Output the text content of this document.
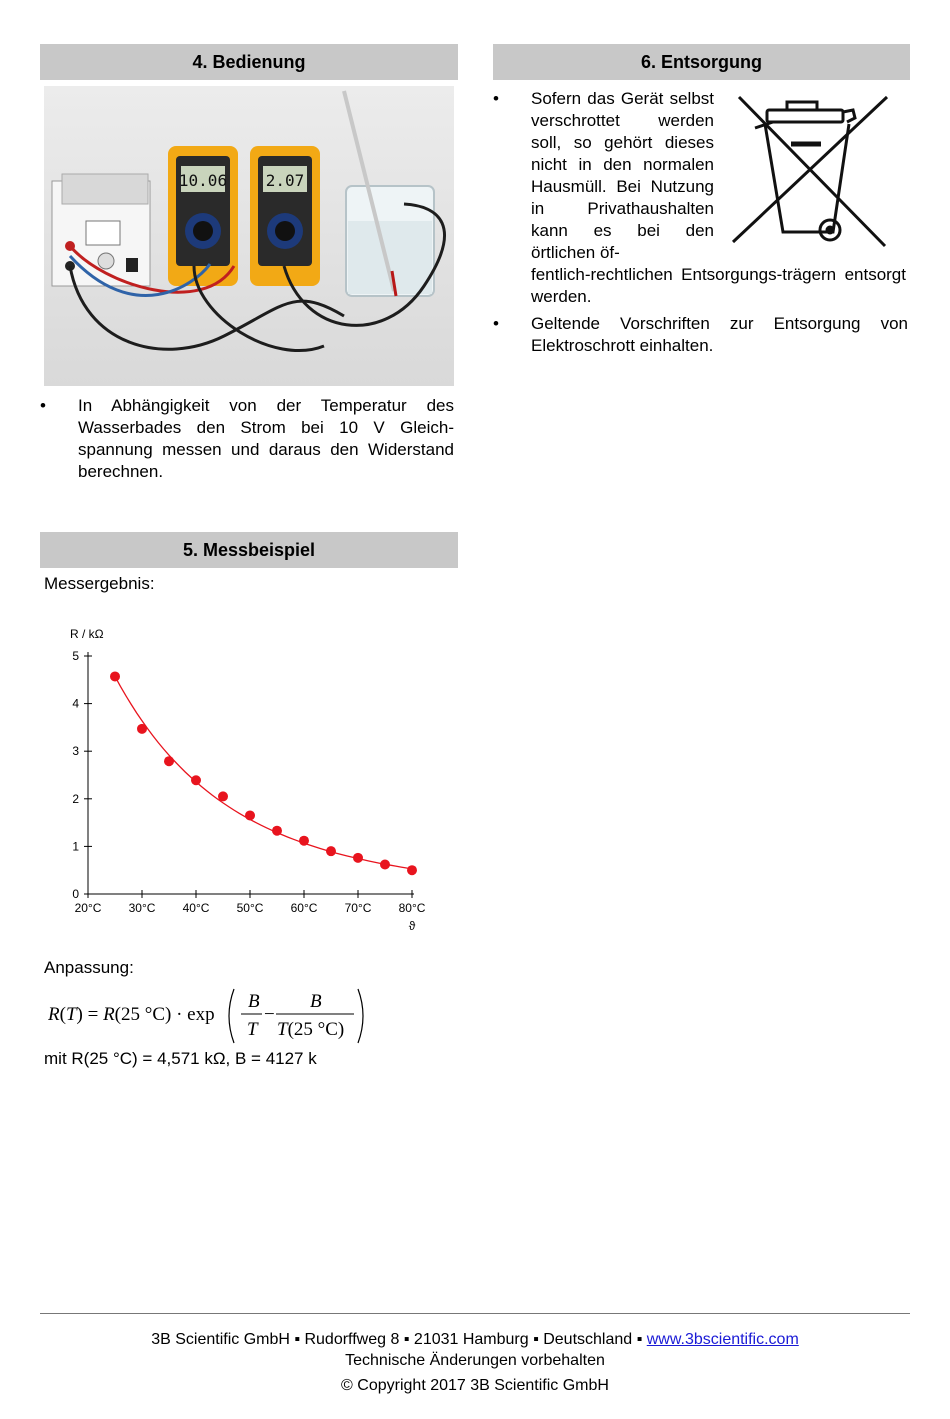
4. Bedienung
10.06 2.07
• In Abhängigkeit von der Temperatur des Wasserbades den Strom bei 10 V Gleichspannung messen und daraus den Widerstand berechnen.
5. Messbeispiel
Messergebnis:
R / kΩ
ϑ
0
1
2
3
4
5
20°C 30°C 40°C 50°C 60°C 70°C 80°C
Anpassung:
R(T) = R(25 °C) · exp
B
T
−
B
T(25 °C)
mit R(25 °C) = 4,571 kΩ, B = 4127 k
6. Entsorgung
• Sofern das Gerät selbst verschrottet werden soll, so gehört dieses nicht in den normalen Hausmüll. Bei Nutzung in Privathaushalten kann es bei den örtlichen öf-
fentlich-rechtlichen Entsorgungs-trägern entsorgt werden.
• Geltende Vorschriften zur Entsorgung von Elektroschrott einhalten.
3B Scientific GmbH ▪ Rudorffweg 8 ▪ 21031 Hamburg ▪ Deutschland ▪ www.3bscientific.com
Technische Änderungen vorbehalten
© Copyright 2017 3B Scientific GmbH
